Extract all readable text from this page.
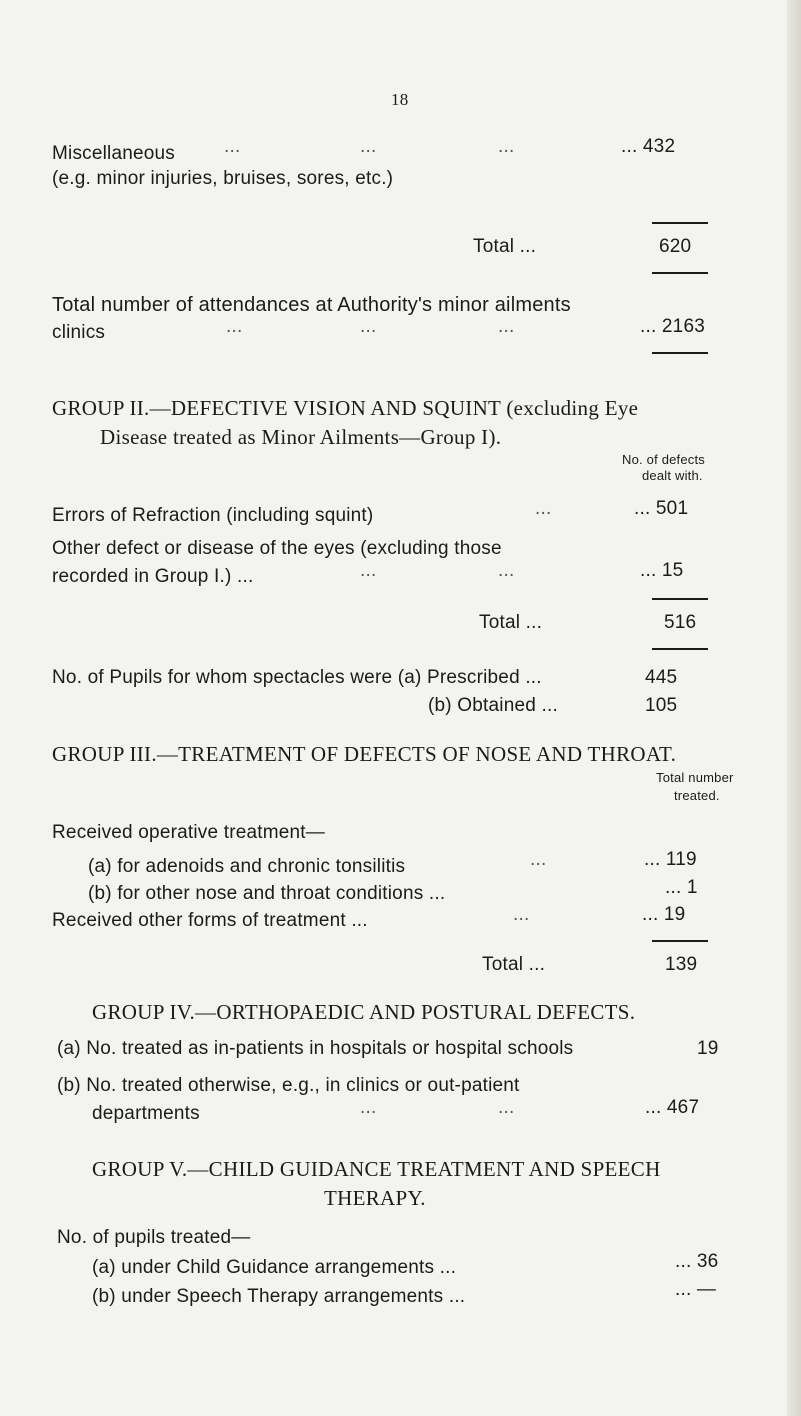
18
Miscellaneous	...	...	...	... 432
(e.g. minor injuries, bruises, sores, etc.)
Total ...	620
Total number of attendances at Authority's minor ailments
clinics	...	...	...	... 2163
GROUP II.—DEFECTIVE VISION AND SQUINT (excluding Eye
Disease treated as Minor Ailments—Group I).
No. of defects
dealt with.
Errors of Refraction (including squint)	...	... 501
Other defect or disease of the eyes (excluding those
recorded in Group I.) ...	...	...	... 15
Total ...	516
No. of Pupils for whom spectacles were (a) Prescribed ...	445
(b) Obtained ...	105
GROUP III.—TREATMENT OF DEFECTS OF NOSE AND THROAT.
Total number
treated.
Received operative treatment—
(a) for adenoids and chronic tonsilitis	...	... 119
(b) for other nose and throat conditions ...	... 1
Received other forms of treatment ...	...	... 19
Total ...	139
GROUP IV.—ORTHOPAEDIC AND POSTURAL DEFECTS.
(a) No. treated as in-patients in hospitals or hospital schools	19
(b) No. treated otherwise, e.g., in clinics or out-patient
departments	...	...	... 467
GROUP V.—CHILD GUIDANCE TREATMENT AND SPEECH
THERAPY.
No. of pupils treated—
(a) under Child Guidance arrangements ...	... 36
(b) under Speech Therapy arrangements ...	... —
